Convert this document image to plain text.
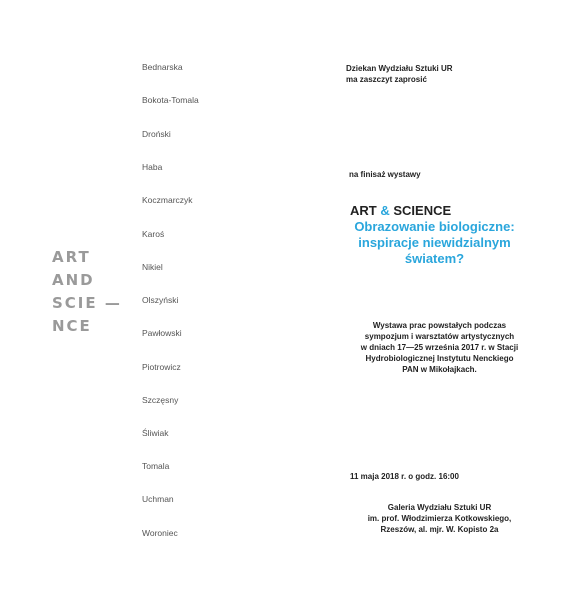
ART
AND
SCIE —
NCE
Bednarska
Bokota-Tomala
Droński
Haba
Koczmarczyk
Karoś
Nikiel
Olszyński
Pawłowski
Piotrowicz
Szczęsny
Śliwiak
Tomala
Uchman
Woroniec
Dziekan Wydziału Sztuki UR
ma zaszczyt zaprosić
na finisaż wystawy
ART & SCIENCE
Obrazowanie biologiczne:
inspiracje niewidzialnym
światem?
Wystawa prac powstałych podczas
sympozjum i warsztatów artystycznych
w dniach 17—25 września 2017 r. w Stacji
Hydrobiologicznej Instytutu Nenckiego
PAN w Mikołajkach.
11 maja 2018 r. o godz. 16:00
Galeria Wydziału Sztuki UR
im. prof. Włodzimierza Kotkowskiego,
Rzeszów, al. mjr. W. Kopisto 2a
